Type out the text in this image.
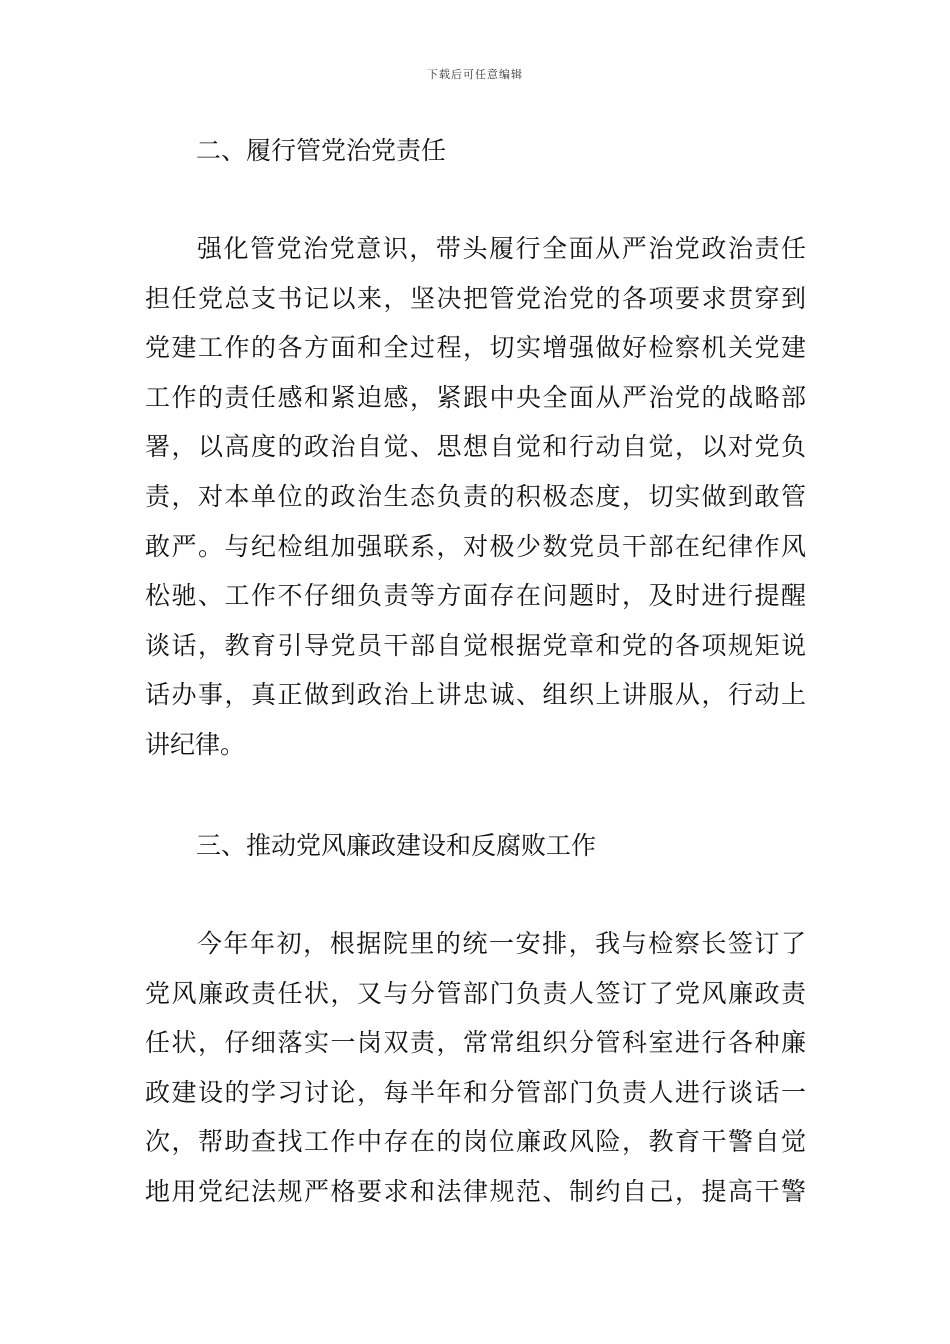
下载后可任意编辑
二、履行管党治党责任
强化管党治党意识，带头履行全面从严治党政治责任
担任党总支书记以来，坚决把管党治党的各项要求贯穿到
党建工作的各方面和全过程，切实增强做好检察机关党建
工作的责任感和紧迫感，紧跟中央全面从严治党的战略部
署，以高度的政治自觉、思想自觉和行动自觉，以对党负
责，对本单位的政治生态负责的积极态度，切实做到敢管
敢严。与纪检组加强联系，对极少数党员干部在纪律作风
松驰、工作不仔细负责等方面存在问题时，及时进行提醒
谈话，教育引导党员干部自觉根据党章和党的各项规矩说
话办事，真正做到政治上讲忠诚、组织上讲服从，行动上
讲纪律。
三、推动党风廉政建设和反腐败工作
今年年初，根据院里的统一安排，我与检察长签订了
党风廉政责任状，又与分管部门负责人签订了党风廉政责
任状，仔细落实一岗双责，常常组织分管科室进行各种廉
政建设的学习讨论，每半年和分管部门负责人进行谈话一
次，帮助查找工作中存在的岗位廉政风险，教育干警自觉
地用党纪法规严格要求和法律规范、制约自己，提高干警
